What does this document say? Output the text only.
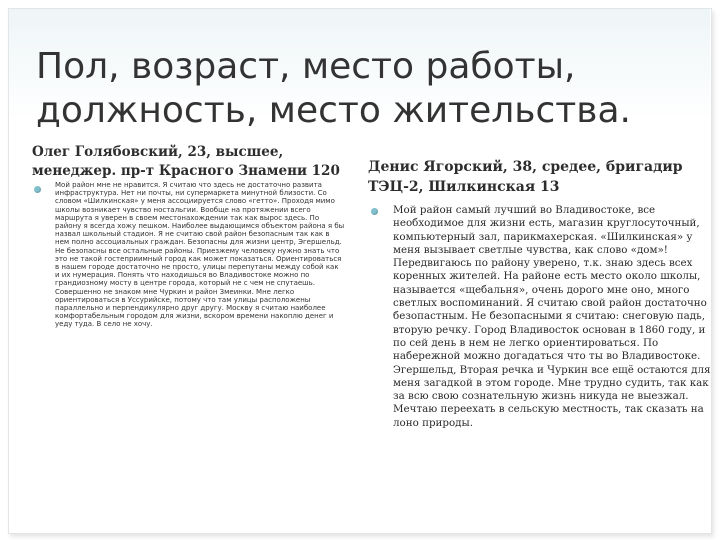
Пол, возраст, место работы, должность, место жительства.

Олег Голябовский, 23, высшее, менеджер. пр-т Красного Знамени 120

Мой район мне не нравится. Я считаю что здесь не достаточно развита инфраструктура. Нет ни почты, ни супермаркета минутной близости. Со словом «Шилкинская» у меня ассоциируется слово «гетто». Проходя мимо школы возникает чувство ностальгии. Вообще на протяжении всего маршрута я уверен в своем местонахождении так как вырос здесь. По району я всегда хожу пешком. Наиболее выдающимся объектом района я бы назвал школьный стадион. Я не считаю свой район безопасным так как в нем полно ассоциальных граждан. Безопасны для жизни центр, Эгершельд. Не безопасны все остальные районы. Приезжему человеку нужно знать что это не такой гостеприимный город как может показаться. Ориентироваться в нашем городе достаточно не просто, улицы перепутаны между собой как и их нумерация. Понять что находишься во Владивостоке можно по грандиозному мосту в центре города, который не с чем не спутаешь. Совершенно не знаком мне Чуркин и район Змеинки. Мне легко ориентироваться в Уссурийске, потому что там улицы расположены параллельно и перпендикулярно друг другу. Москву я считаю наиболее комфортабельным городом для жизни, вскором времени накоплю денег и уеду туда. В село не хочу.

Денис Ягорский, 38, средее, бригадир ТЭЦ-2, Шилкинская 13

Мой район самый лучший во Владивостоке, все необходимое для жизни есть, магазин круглосуточный, компьютерный зал, парикмахерская. «Шилкинская» у меня вызывает светлые чувства, как слово «дом»! Передвигаюсь по району уверено, т.к. знаю здесь всех коренных жителей. На районе есть место около школы, называется «щебальня», очень дорого мне оно, много светлых воспоминаний. Я считаю свой район достаточно безопастным. Не безопасными я считаю: снеговую падь, вторую речку. Город Владивосток основан в 1860 году, и по сей день в нем не легко ориентироваться. По набережной можно догадаться что ты во Владивостоке. Эгершельд, Вторая речка и Чуркин все ещё остаются для меня загадкой в этом городе. Мне трудно судить, так как за всю свою сознательную жизнь никуда не выезжал. Мечтаю переехать в сельскую местность, так сказать на лоно природы.
